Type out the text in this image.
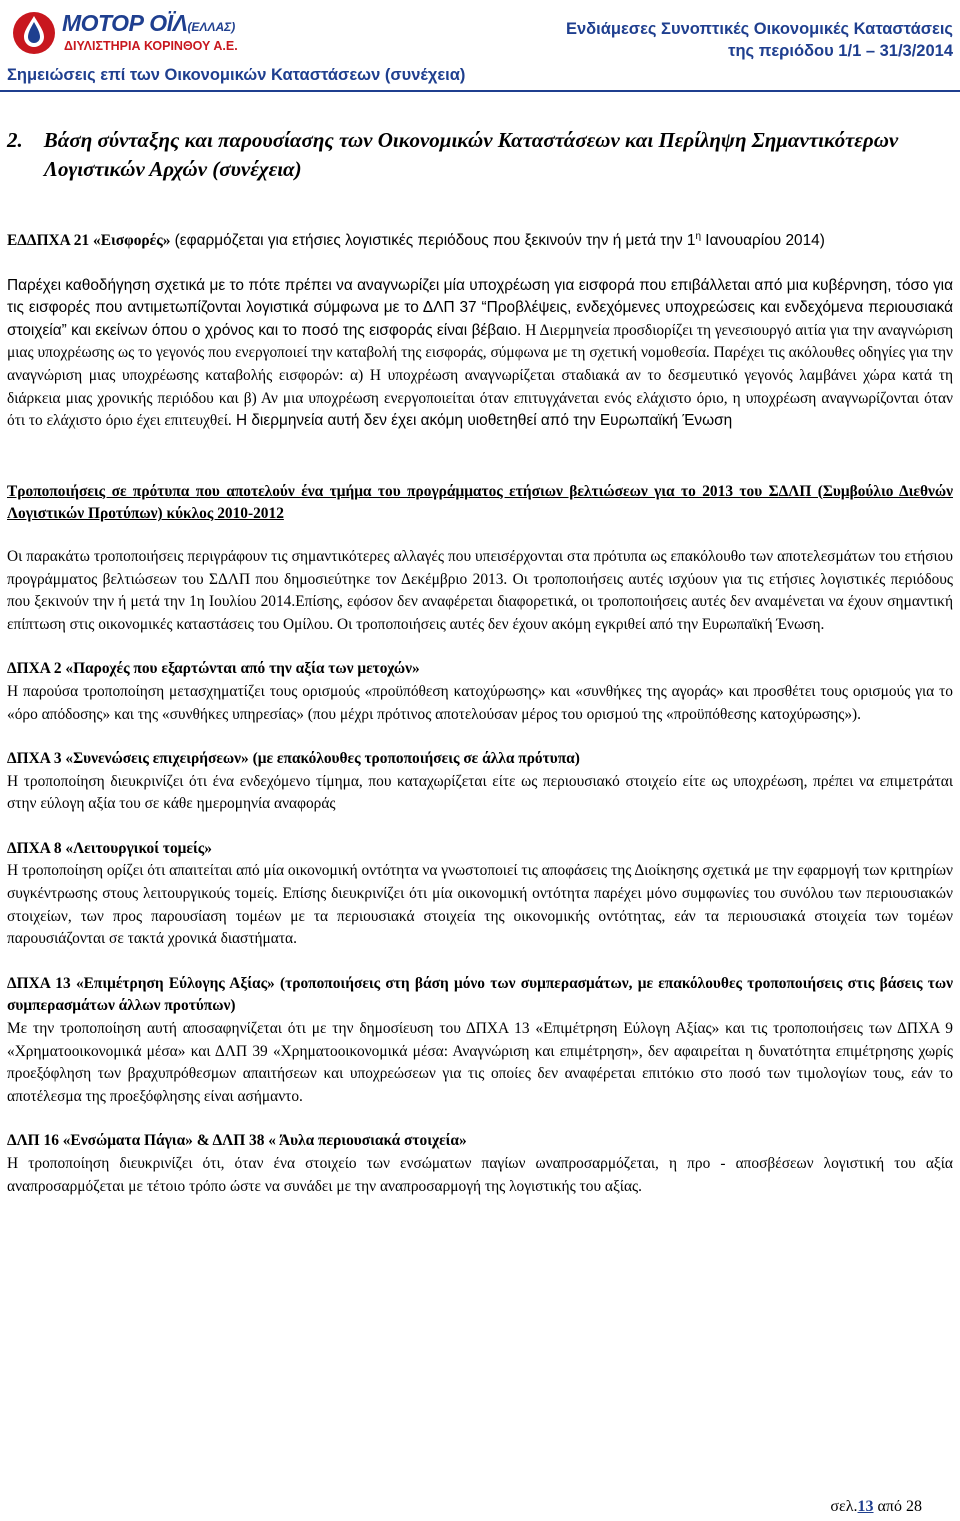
ΜΟΤΟΡ ΟΪΛ(ΕΛΛΑΣ)
ΔΙΥΛΙΣΤΗΡΙΑ ΚΟΡΙΝΘΟΥ Α.Ε.
Ενδιάμεσες Συνοπτικές Οικονομικές Καταστάσεις
της περιόδου 1/1 – 31/3/2014
Σημειώσεις επί των Οικονομικών Καταστάσεων (συνέχεια)
2. Βάση σύνταξης και παρουσίασης των Οικονομικών Καταστάσεων και Περίληψη Σημαντικότερων Λογιστικών Αρχών (συνέχεια)

ΕΔΔΠΧΑ 21 «Εισφορές» (εφαρμόζεται για ετήσιες λογιστικές περιόδους που ξεκινούν την ή μετά την $1^\eta$ Ιανουαρίου 2014)

Παρέχει καθοδήγηση σχετικά με το πότε πρέπει να αναγνωρίζει μία υποχρέωση για εισφορά που επιβάλλεται από μια κυβέρνηση, τόσο για τις εισφορές που αντιμετωπίζονται λογιστικά σύμφωνα με το ΔΛΠ 37 “Προβλέψεις, ενδεχόμενες υποχρεώσεις και ενδεχόμενα περιουσιακά στοιχεία” και εκείνων όπου ο χρόνος και το ποσό της εισφοράς είναι βέβαιο. Η Διερμηνεία προσδιορίζει τη γενεσιουργό αιτία για την αναγνώριση μιας υποχρέωσης ως το γεγονός που ενεργοποιεί την καταβολή της εισφοράς, σύμφωνα με τη σχετική νομοθεσία. Παρέχει τις ακόλουθες οδηγίες για την αναγνώριση μιας υποχρέωσης καταβολής εισφορών: α) Η υποχρέωση αναγνωρίζεται σταδιακά αν το δεσμευτικό γεγονός λαμβάνει χώρα κατά τη διάρκεια μιας χρονικής περιόδου και β) Αν μια υποχρέωση ενεργοποιείται όταν επιτυγχάνεται ενός ελάχιστο όριο, η υποχρέωση αναγνωρίζονται όταν ότι το ελάχιστο όριο έχει επιτευχθεί. Η διερμηνεία αυτή δεν έχει ακόμη υιοθετηθεί από την Ευρωπαϊκή Ένωση

Τροποποιήσεις σε πρότυπα που αποτελούν ένα τμήμα του προγράμματος ετήσιων βελτιώσεων για το 2013 του ΣΔΛΠ (Συμβούλιο Διεθνών Λογιστικών Προτύπων) κύκλος 2010-2012

Οι παρακάτω τροποποιήσεις περιγράφουν τις σημαντικότερες αλλαγές που υπεισέρχονται στα πρότυπα ως επακόλουθο των αποτελεσμάτων του ετήσιου προγράμματος βελτιώσεων του ΣΔΛΠ που δημοσιεύτηκε τον Δεκέμβριο 2013. Οι τροποποιήσεις αυτές ισχύουν για τις ετήσιες λογιστικές περιόδους που ξεκινούν την ή μετά την 1η Ιουλίου 2014.Επίσης, εφόσον δεν αναφέρεται διαφορετικά, οι τροποποιήσεις αυτές δεν αναμένεται να έχουν σημαντική επίπτωση στις οικονομικές καταστάσεις του Ομίλου. Οι τροποποιήσεις αυτές δεν έχουν ακόμη εγκριθεί από την Ευρωπαϊκή Ένωση.

ΔΠΧΑ 2 «Παροχές που εξαρτώνται από την αξία των μετοχών»

Η παρούσα τροποποίηση μετασχηματίζει τους ορισμούς «προϋπόθεση κατοχύρωσης» και «συνθήκες της αγοράς» και προσθέτει τους ορισμούς για το «όρο απόδοσης» και της «συνθήκες υπηρεσίας» (που μέχρι πρότινος αποτελούσαν μέρος του ορισμού της «προϋπόθεσης κατοχύρωσης»).

ΔΠΧΑ 3 «Συνενώσεις επιχειρήσεων» (με επακόλουθες τροποποιήσεις σε άλλα πρότυπα)

Η τροποποίηση διευκρινίζει ότι ένα ενδεχόμενο τίμημα, που καταχωρίζεται είτε ως περιουσιακό στοιχείο είτε ως υποχρέωση, πρέπει να επιμετράται στην εύλογη αξία του σε κάθε ημερομηνία αναφοράς

ΔΠΧΑ 8 «Λειτουργικοί τομείς»

Η τροποποίηση ορίζει ότι απαιτείται από μία οικονομική οντότητα να γνωστοποιεί τις αποφάσεις της Διοίκησης σχετικά με την εφαρμογή των κριτηρίων συγκέντρωσης στους λειτουργικούς τομείς. Επίσης διευκρινίζει ότι μία οικονομική οντότητα παρέχει μόνο συμφωνίες του συνόλου των περιουσιακών στοιχείων, των προς παρουσίαση τομέων με τα περιουσιακά στοιχεία της οικονομικής οντότητας, εάν τα περιουσιακά στοιχεία των τομέων παρουσιάζονται σε τακτά χρονικά διαστήματα.

ΔΠΧΑ 13 «Επιμέτρηση Εύλογης Αξίας» (τροποποιήσεις στη βάση μόνο των συμπερασμάτων, με επακόλουθες τροποποιήσεις στις βάσεις των συμπερασμάτων άλλων προτύπων)

Με την τροποποίηση αυτή αποσαφηνίζεται ότι με την δημοσίευση του ΔΠΧΑ 13 «Επιμέτρηση Εύλογη Αξίας» και τις τροποποιήσεις των ΔΠΧΑ 9 «Χρηματοοικονομικά μέσα» και ΔΛΠ 39 «Χρηματοοικονομικά μέσα: Αναγνώριση και επιμέτρηση», δεν αφαιρείται η δυνατότητα επιμέτρησης χωρίς προεξόφληση των βραχυπρόθεσμων απαιτήσεων και υποχρεώσεων για τις οποίες δεν αναφέρεται επιτόκιο στο ποσό των τιμολογίων τους, εάν το αποτέλεσμα της προεξόφλησης είναι ασήμαντο.

ΔΛΠ 16 «Ενσώματα Πάγια» & ΔΛΠ 38 « Άυλα περιουσιακά στοιχεία»

Η τροποποίηση διευκρινίζει ότι, όταν ένα στοιχείο των ενσώματων παγίων ωναπροσαρμόζεται, η προ - αποσβέσεων λογιστική του αξία αναπροσαρμόζεται με τέτοιο τρόπο ώστε να συνάδει με την αναπροσαρμογή της λογιστικής του αξίας.

σελ.13 από 28
